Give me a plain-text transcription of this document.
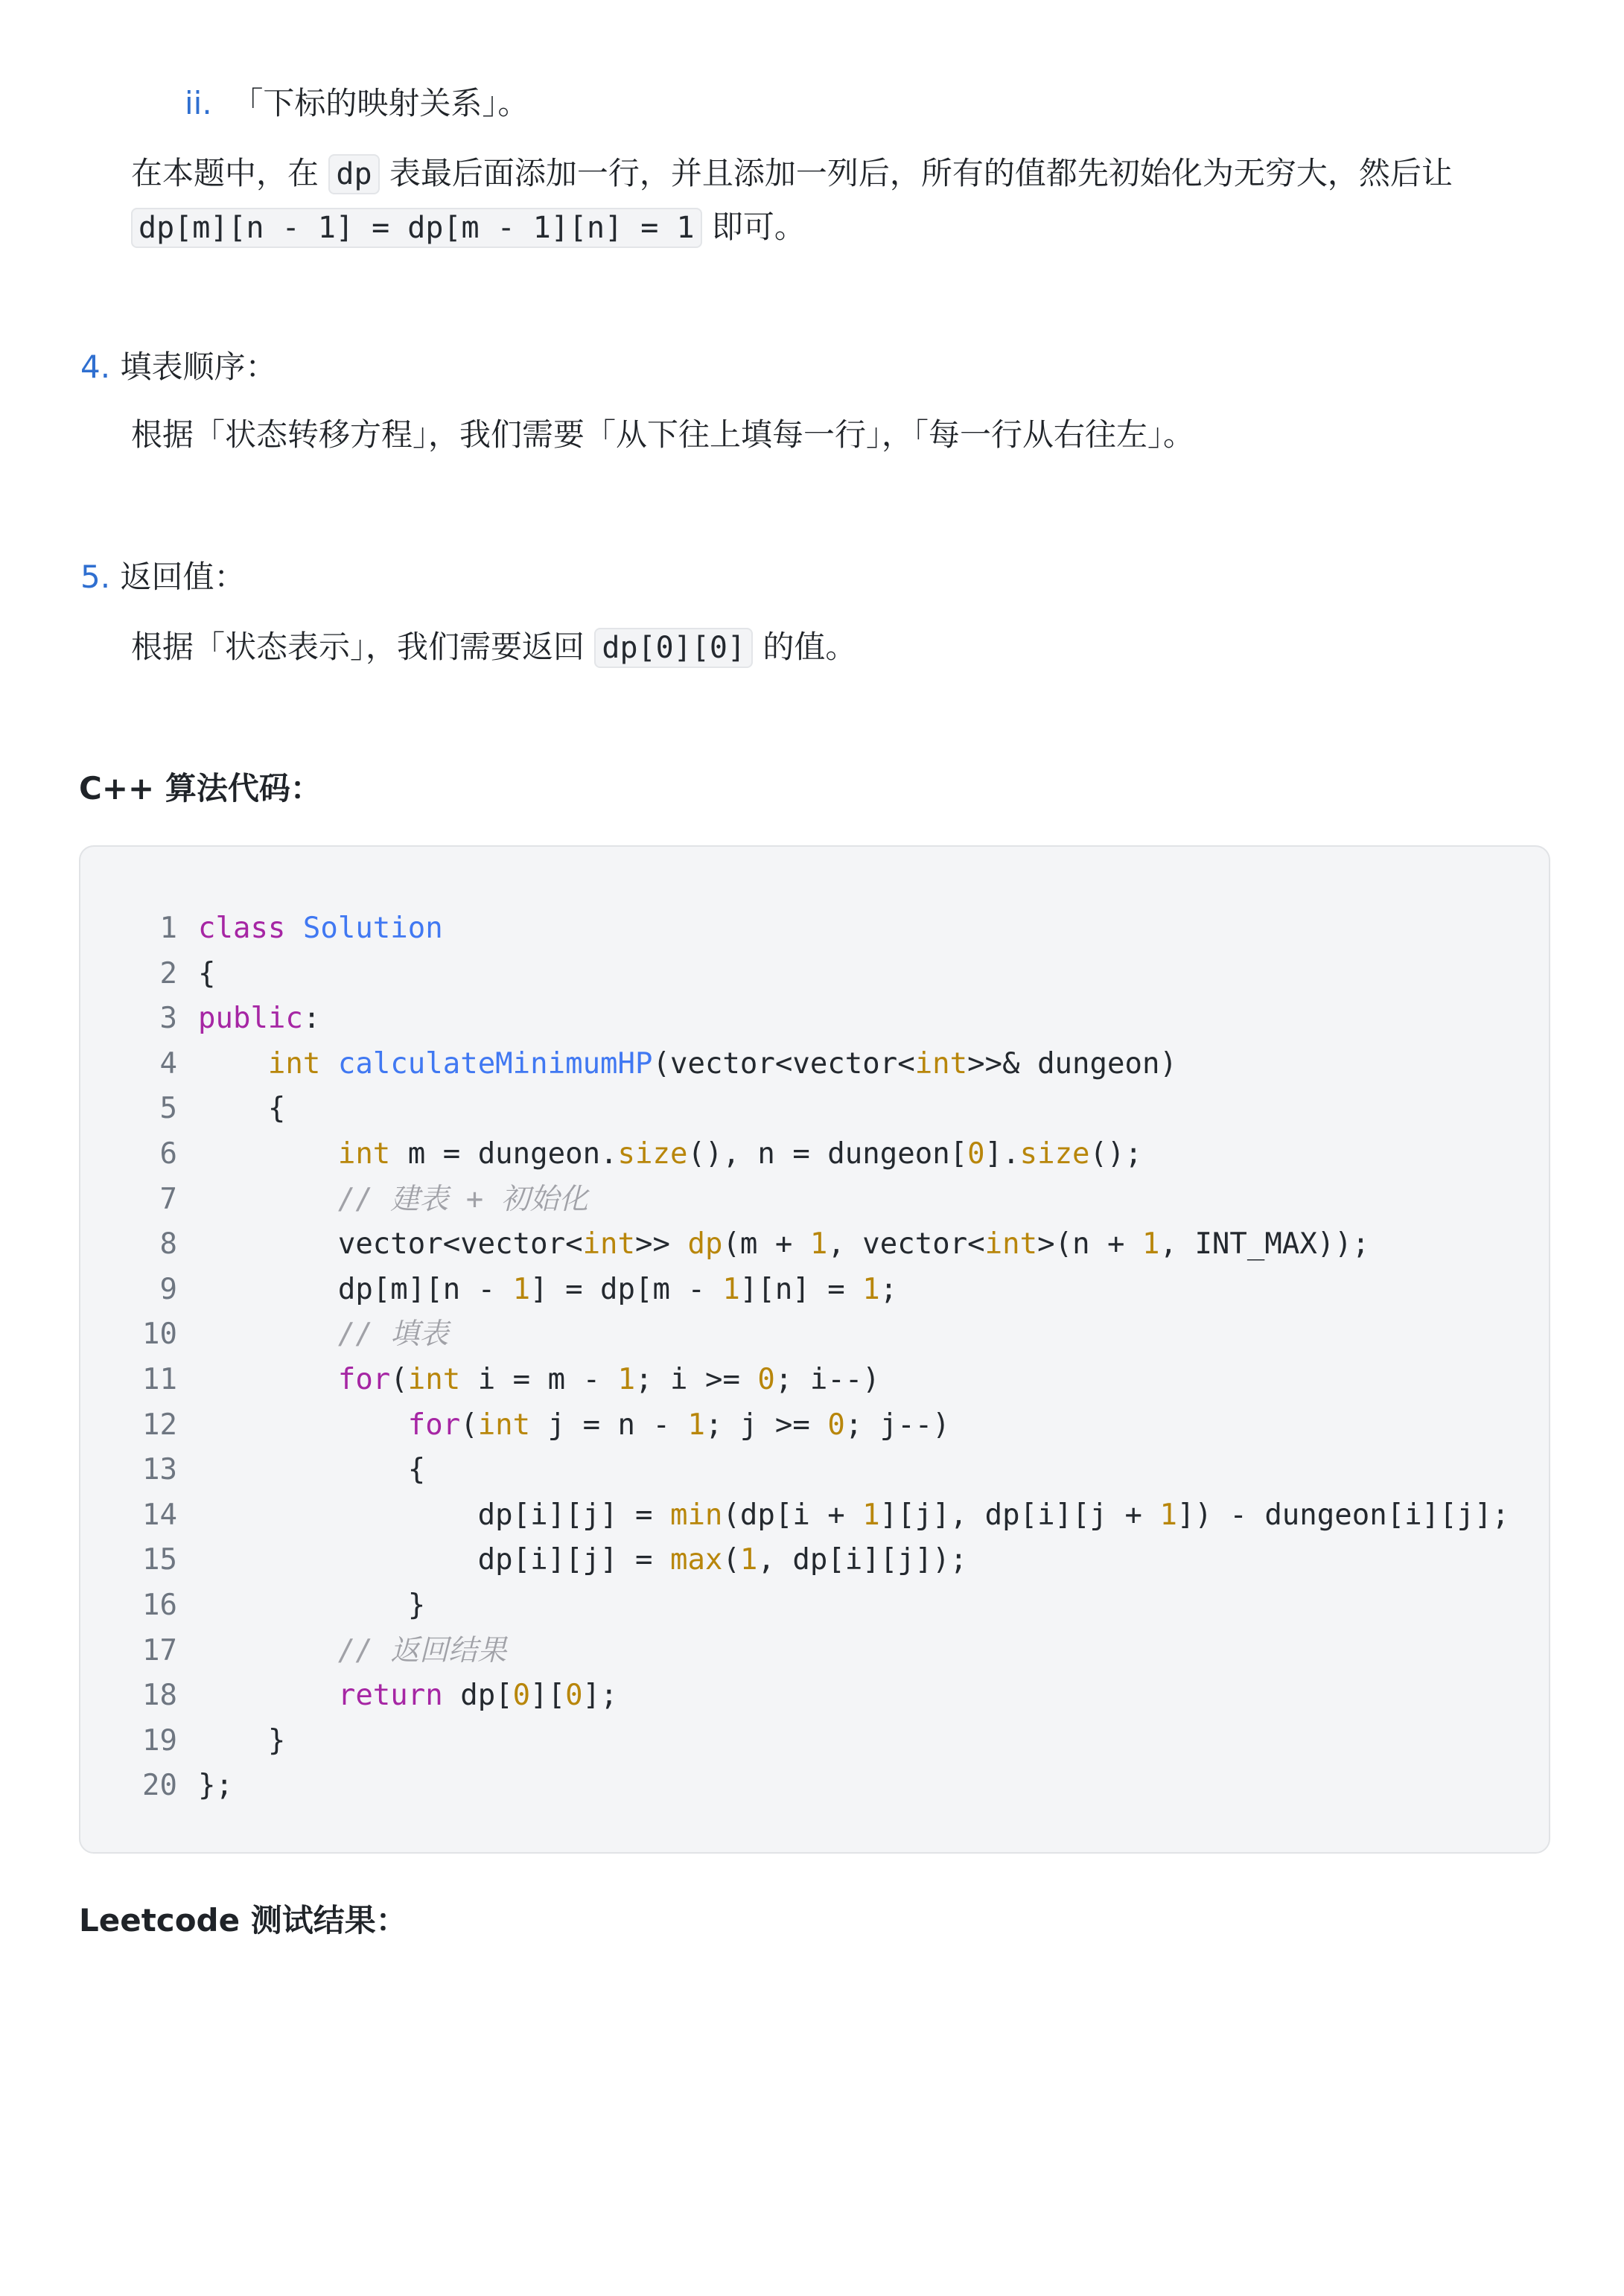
ii. 「下标的映射关系」。
在本题中，在 dp 表最后面添加一行，并且添加一列后，所有的值都先初始化为无穷大，然后让
dp[m][n - 1] = dp[m - 1][n] = 1 即可。
4. 填表顺序：
根据「状态转移方程」，我们需要「从下往上填每一行」，「每一行从右往左」。
5. 返回值：
根据「状态表示」，我们需要返回 dp[0][0] 的值。
C++ 算法代码：
1 class Solution
2 {
3 public:
4	int calculateMinimumHP(vector<vector<int>>& dungeon)
5    {
6	int m = dungeon.size(), n = dungeon[0].size();
7	// 建表 + 初始化
8        vector<vector<int>> dp(m + 1, vector<int>(n + 1, INT_MAX));
9        dp[m][n - 1] = dp[m - 1][n] = 1;
10	// 填表
11	for(int i = m - 1; i >= 0; i--)
12	for(int j = n - 1; j >= 0; j--)
13            {
14                dp[i][j] = min(dp[i + 1][j], dp[i][j + 1]) - dungeon[i][j];
15                dp[i][j] = max(1, dp[i][j]);
16            }
17	// 返回结果
18	return dp[0][0];
19    }
20 };
Leetcode 测试结果：
